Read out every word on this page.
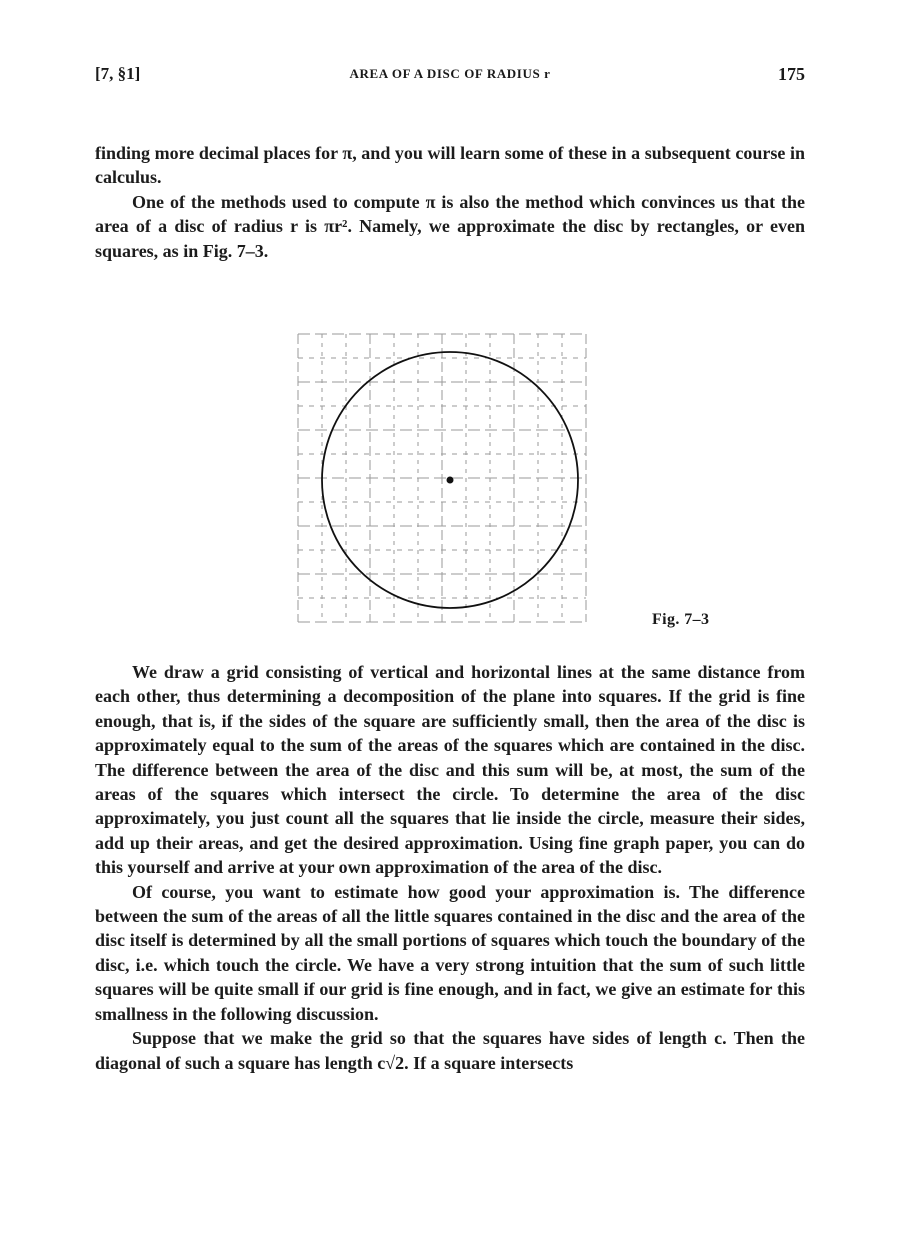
[7, §1]	AREA OF A DISC OF RADIUS r	175

finding more decimal places for π, and you will learn some of these in a subsequent course in calculus.

One of the methods used to compute π is also the method which convinces us that the area of a disc of radius r is πr². Namely, we approximate the disc by rectangles, or even squares, as in Fig. 7–3.

Fig. 7–3

We draw a grid consisting of vertical and horizontal lines at the same distance from each other, thus determining a decomposition of the plane into squares. If the grid is fine enough, that is, if the sides of the square are sufficiently small, then the area of the disc is approximately equal to the sum of the areas of the squares which are contained in the disc. The difference between the area of the disc and this sum will be, at most, the sum of the areas of the squares which intersect the circle. To determine the area of the disc approximately, you just count all the squares that lie inside the circle, measure their sides, add up their areas, and get the desired approximation. Using fine graph paper, you can do this yourself and arrive at your own approximation of the area of the disc.

Of course, you want to estimate how good your approximation is. The difference between the sum of the areas of all the little squares contained in the disc and the area of the disc itself is determined by all the small portions of squares which touch the boundary of the disc, i.e. which touch the circle. We have a very strong intuition that the sum of such little squares will be quite small if our grid is fine enough, and in fact, we give an estimate for this smallness in the following discussion.

Suppose that we make the grid so that the squares have sides of length c. Then the diagonal of such a square has length c√2. If a square intersects
